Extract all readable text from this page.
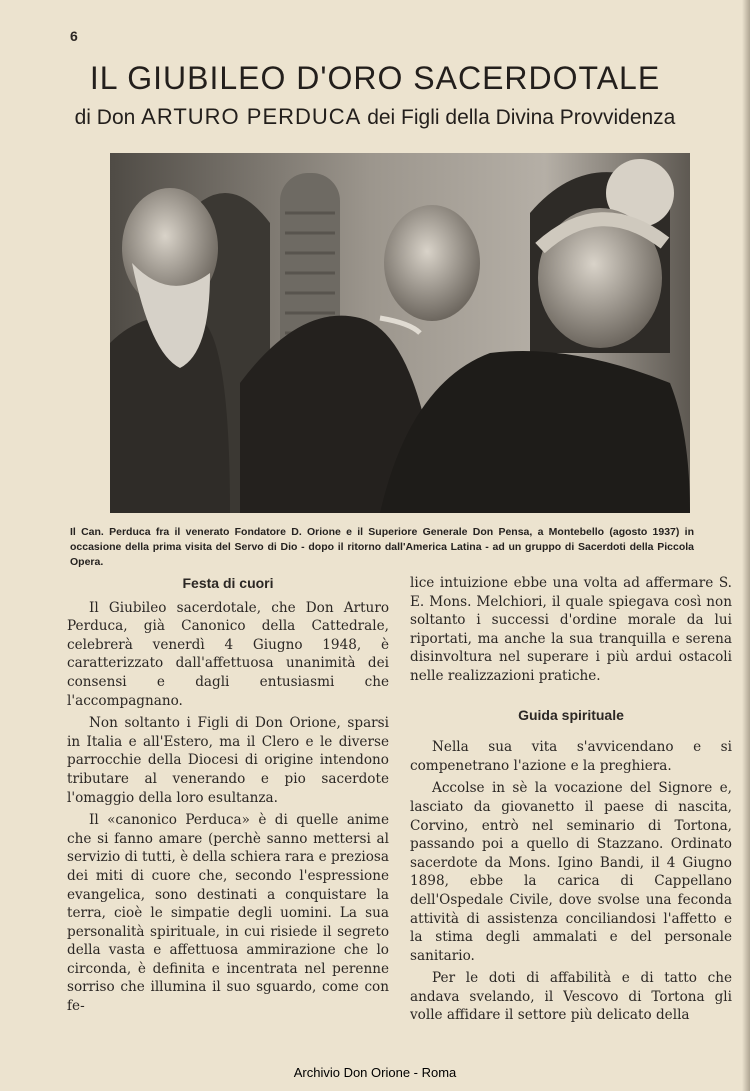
6
IL GIUBILEO D'ORO SACERDOTALE
di Don ARTURO PERDUCA dei Figli della Divina Provvidenza
Il Can. Perduca fra il venerato Fondatore D. Orione e il Superiore Generale Don Pensa, a Montebello (agosto 1937) in occasione della prima visita del Servo di Dio - dopo il ritorno dall'America Latina - ad un gruppo di Sacerdoti della Piccola Opera.
Festa di cuori

Il Giubileo sacerdotale, che Don Arturo Perduca, già Canonico della Cattedrale, celebrerà venerdì 4 Giugno 1948, è caratterizzato dall'affettuosa unanimità dei consensi e dagli entusiasmi che l'accompagnano.

Non soltanto i Figli di Don Orione, sparsi in Italia e all'Estero, ma il Clero e le diverse parrocchie della Diocesi di origine intendono tributare al venerando e pio sacerdote l'omaggio della loro esultanza.

Il «canonico Perduca» è di quelle anime che si fanno amare (perchè sanno mettersi al servizio di tutti, è della schiera rara e preziosa dei miti di cuore che, secondo l'espressione evangelica, sono destinati a conquistare la terra, cioè le simpatie degli uomini. La sua personalità spirituale, in cui risiede il segreto della vasta e affettuosa ammirazione che lo circonda, è definita e incentrata nel perenne sorriso che illumina il suo sguardo, come con fe-

lice intuizione ebbe una volta ad affermare S. E. Mons. Melchiori, il quale spiegava così non soltanto i successi d'ordine morale da lui riportati, ma anche la sua tranquilla e serena disinvoltura nel superare i più ardui ostacoli nelle realizzazioni pratiche.

Guida spirituale

Nella sua vita s'avvicendano e si compenetrano l'azione e la preghiera.

Accolse in sè la vocazione del Signore e, lasciato da giovanetto il paese di nascita, Corvino, entrò nel seminario di Tortona, passando poi a quello di Stazzano. Ordinato sacerdote da Mons. Igino Bandi, il 4 Giugno 1898, ebbe la carica di Cappellano dell'Ospedale Civile, dove svolse una feconda attività di assistenza conciliandosi l'affetto e la stima degli ammalati e del personale sanitario.

Per le doti di affabilità e di tatto che andava svelando, il Vescovo di Tortona gli volle affidare il settore più delicato della

Archivio Don Orione - Roma
